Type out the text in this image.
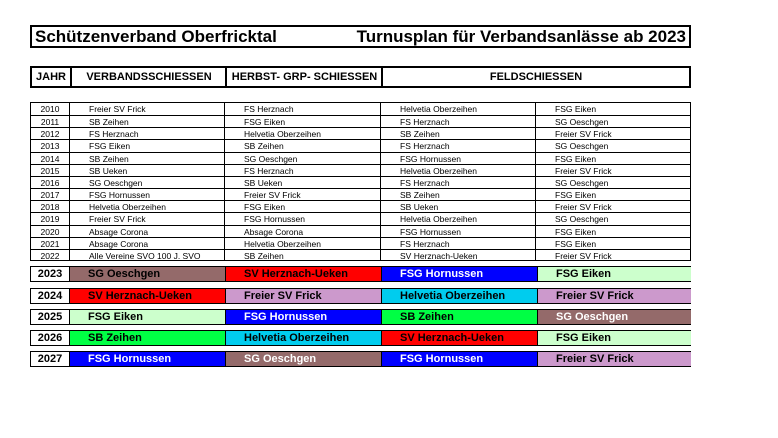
Schützenverband Oberfricktal	Turnusplan für Verbandsanlässe ab 2023
JAHR	VERBANDSSCHIESSEN	HERBST- GRP- SCHIESSEN	FELDSCHIESSEN
2010	Freier SV Frick	FS Herznach	Helvetia Oberzeihen	FSG Eiken
2011	SB Zeihen	FSG Eiken	FS Herznach	SG Oeschgen
2012	FS Herznach	Helvetia Oberzeihen	SB Zeihen	Freier SV Frick
2013	FSG Eiken	SB Zeihen	FS Herznach	SG Oeschgen
2014	SB Zeihen	SG Oeschgen	FSG Hornussen	FSG Eiken
2015	SB Ueken	FS Herznach	Helvetia Oberzeihen	Freier SV Frick
2016	SG Oeschgen	SB Ueken	FS Herznach	SG Oeschgen
2017	FSG Hornussen	Freier SV Frick	SB Zeihen	FSG Eiken
2018	Helvetia Oberzeihen	FSG Eiken	SB Ueken	Freier SV Frick
2019	Freier SV Frick	FSG Hornussen	Helvetia Oberzeihen	SG Oeschgen
2020	Absage Corona	Absage Corona	FSG Hornussen	FSG Eiken
2021	Absage Corona	Helvetia Oberzeihen	FS Herznach	FSG Eiken
2022	Alle Vereine SVO 100 J. SVO	SB Zeihen	SV Herznach-Ueken	Freier SV Frick
2023	SG Oeschgen	SV Herznach-Ueken	FSG Hornussen	FSG Eiken
2024	SV Herznach-Ueken	Freier SV Frick	Helvetia Oberzeihen	Freier SV Frick
2025	FSG Eiken	FSG Hornussen	SB Zeihen	SG Oeschgen
2026	SB Zeihen	Helvetia Oberzeihen	SV Herznach-Ueken	FSG Eiken
2027	FSG Hornussen	SG Oeschgen	FSG Hornussen	Freier SV Frick
